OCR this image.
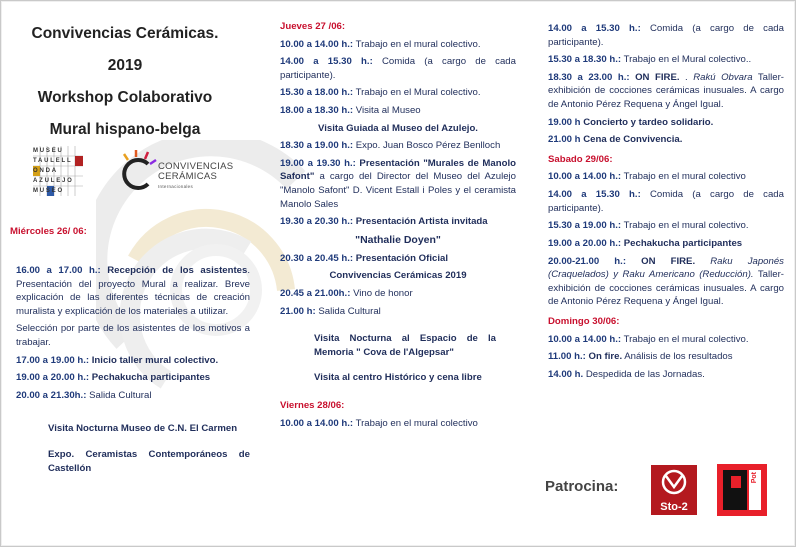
Convivencias Cerámicas.
2019
Workshop Colaborativo
Mural hispano-belga
MUSEU
TAULELL
ONDA
AZULEJO
MUSEO
CONVIVENCIAS
CERÁMICAS
Internacionales
Miércoles 26/ 06:

16.00 a 17.00 h.: Recepción de los asistentes. Presentación del proyecto Mural a realizar. Breve explicación de las diferentes técnicas de creación muralista y explicación de los materiales a utilizar.

Selección por parte de los asistentes de los motivos a trabajar.

17.00 a 19.00 h.: Inicio taller mural colectivo.

19.00 a 20.00 h.: Pechakucha participantes

20.00 a 21.30h.: Salida Cultural

Visita Nocturna Museo de C.N. El Carmen

Expo. Ceramistas Contemporáneos de Castellón

Jueves 27 /06:

10.00 a 14.00 h.: Trabajo en el mural colectivo.

14.00 a 15.30 h.: Comida (a cargo de cada participante).

15.30 a 18.00 h.: Trabajo en el Mural colectivo.

18.00 a 18.30 h.: Visita al Museo

Visita Guiada al Museo del Azulejo.

18.30 a 19.00 h.: Expo. Juan Bosco Pérez Benlloch

19.00 a 19.30 h.: Presentación "Murales de Manolo Safont" a cargo del Director del Museo del Azulejo "Manolo Safont" D. Vicent Estall i Poles y el ceramista Manolo Sales

19.30 a 20.30 h.: Presentación Artista invitada

"Nathalie Doyen"

20.30 a 20.45 h.: Presentación Oficial

Convivencias Cerámicas 2019

20.45 a 21.00h.: Vino de honor

21.00 h: Salida Cultural

Visita Nocturna al Espacio de la Memoria " Cova de l'Algepsar"

Visita al centro Histórico y cena libre

Viernes 28/06:

10.00 a 14.00 h.: Trabajo en el mural colectivo

14.00 a 15.30 h.: Comida (a cargo de cada participante).

15.30 a 18.30 h.: Trabajo en el Mural colectivo..

18.30 a 23.00 h.: ON FIRE. . Rakú Obvara Taller-exhibición de cocciones cerámicas inusuales. A cargo de Antonio Pérez Requena y Ángel Igual.

19.00 h Concierto y tardeo solidario.

21.00 h Cena de Convivencia.

Sabado 29/06:

10.00 a 14.00 h.: Trabajo en el mural colectivo

14.00 a 15.30 h.: Comida (a cargo de cada participante).

15.30 a 19.00 h.: Trabajo en el mural colectivo.

19.00 a 20.00 h.: Pechakucha participantes

20.00-21.00 h.: ON FIRE. Raku Japonés (Craquelados) y Raku Americano (Reducción). Taller-exhibición de cocciones cerámicas inusuales. A cargo de Antonio Pérez Requena y Ángel Igual.

Domingo 30/06:

10.00 a 14.00 h.: Trabajo en el mural colectivo.

11.00 h.: On fire. Análisis de los resultados

14.00 h. Despedida de las Jornadas.

Patrocina:
Sto-2
Pot
